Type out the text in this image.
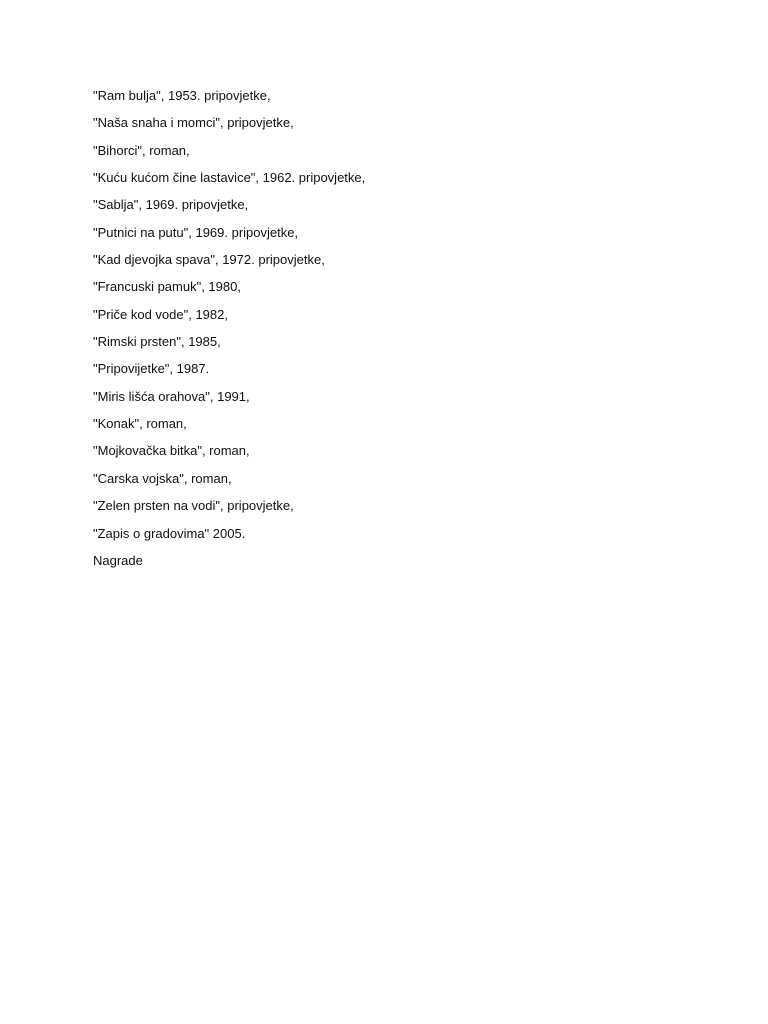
"Ram bulja", 1953. pripovjetke,
"Naša snaha i momci", pripovjetke,
"Bihorci", roman,
"Kuću kućom čine lastavice", 1962. pripovjetke,
"Sablja", 1969. pripovjetke,
"Putnici na putu", 1969. pripovjetke,
"Kad djevojka spava", 1972. pripovjetke,
"Francuski pamuk", 1980,
"Priče kod vode", 1982,
"Rimski prsten", 1985,
"Pripovijetke", 1987.
"Miris lišća orahova", 1991,
"Konak", roman,
"Mojkovačka bitka", roman,
"Carska vojska", roman,
"Zelen prsten na vodi", pripovjetke,
"Zapis o gradovima" 2005.
Nagrade
